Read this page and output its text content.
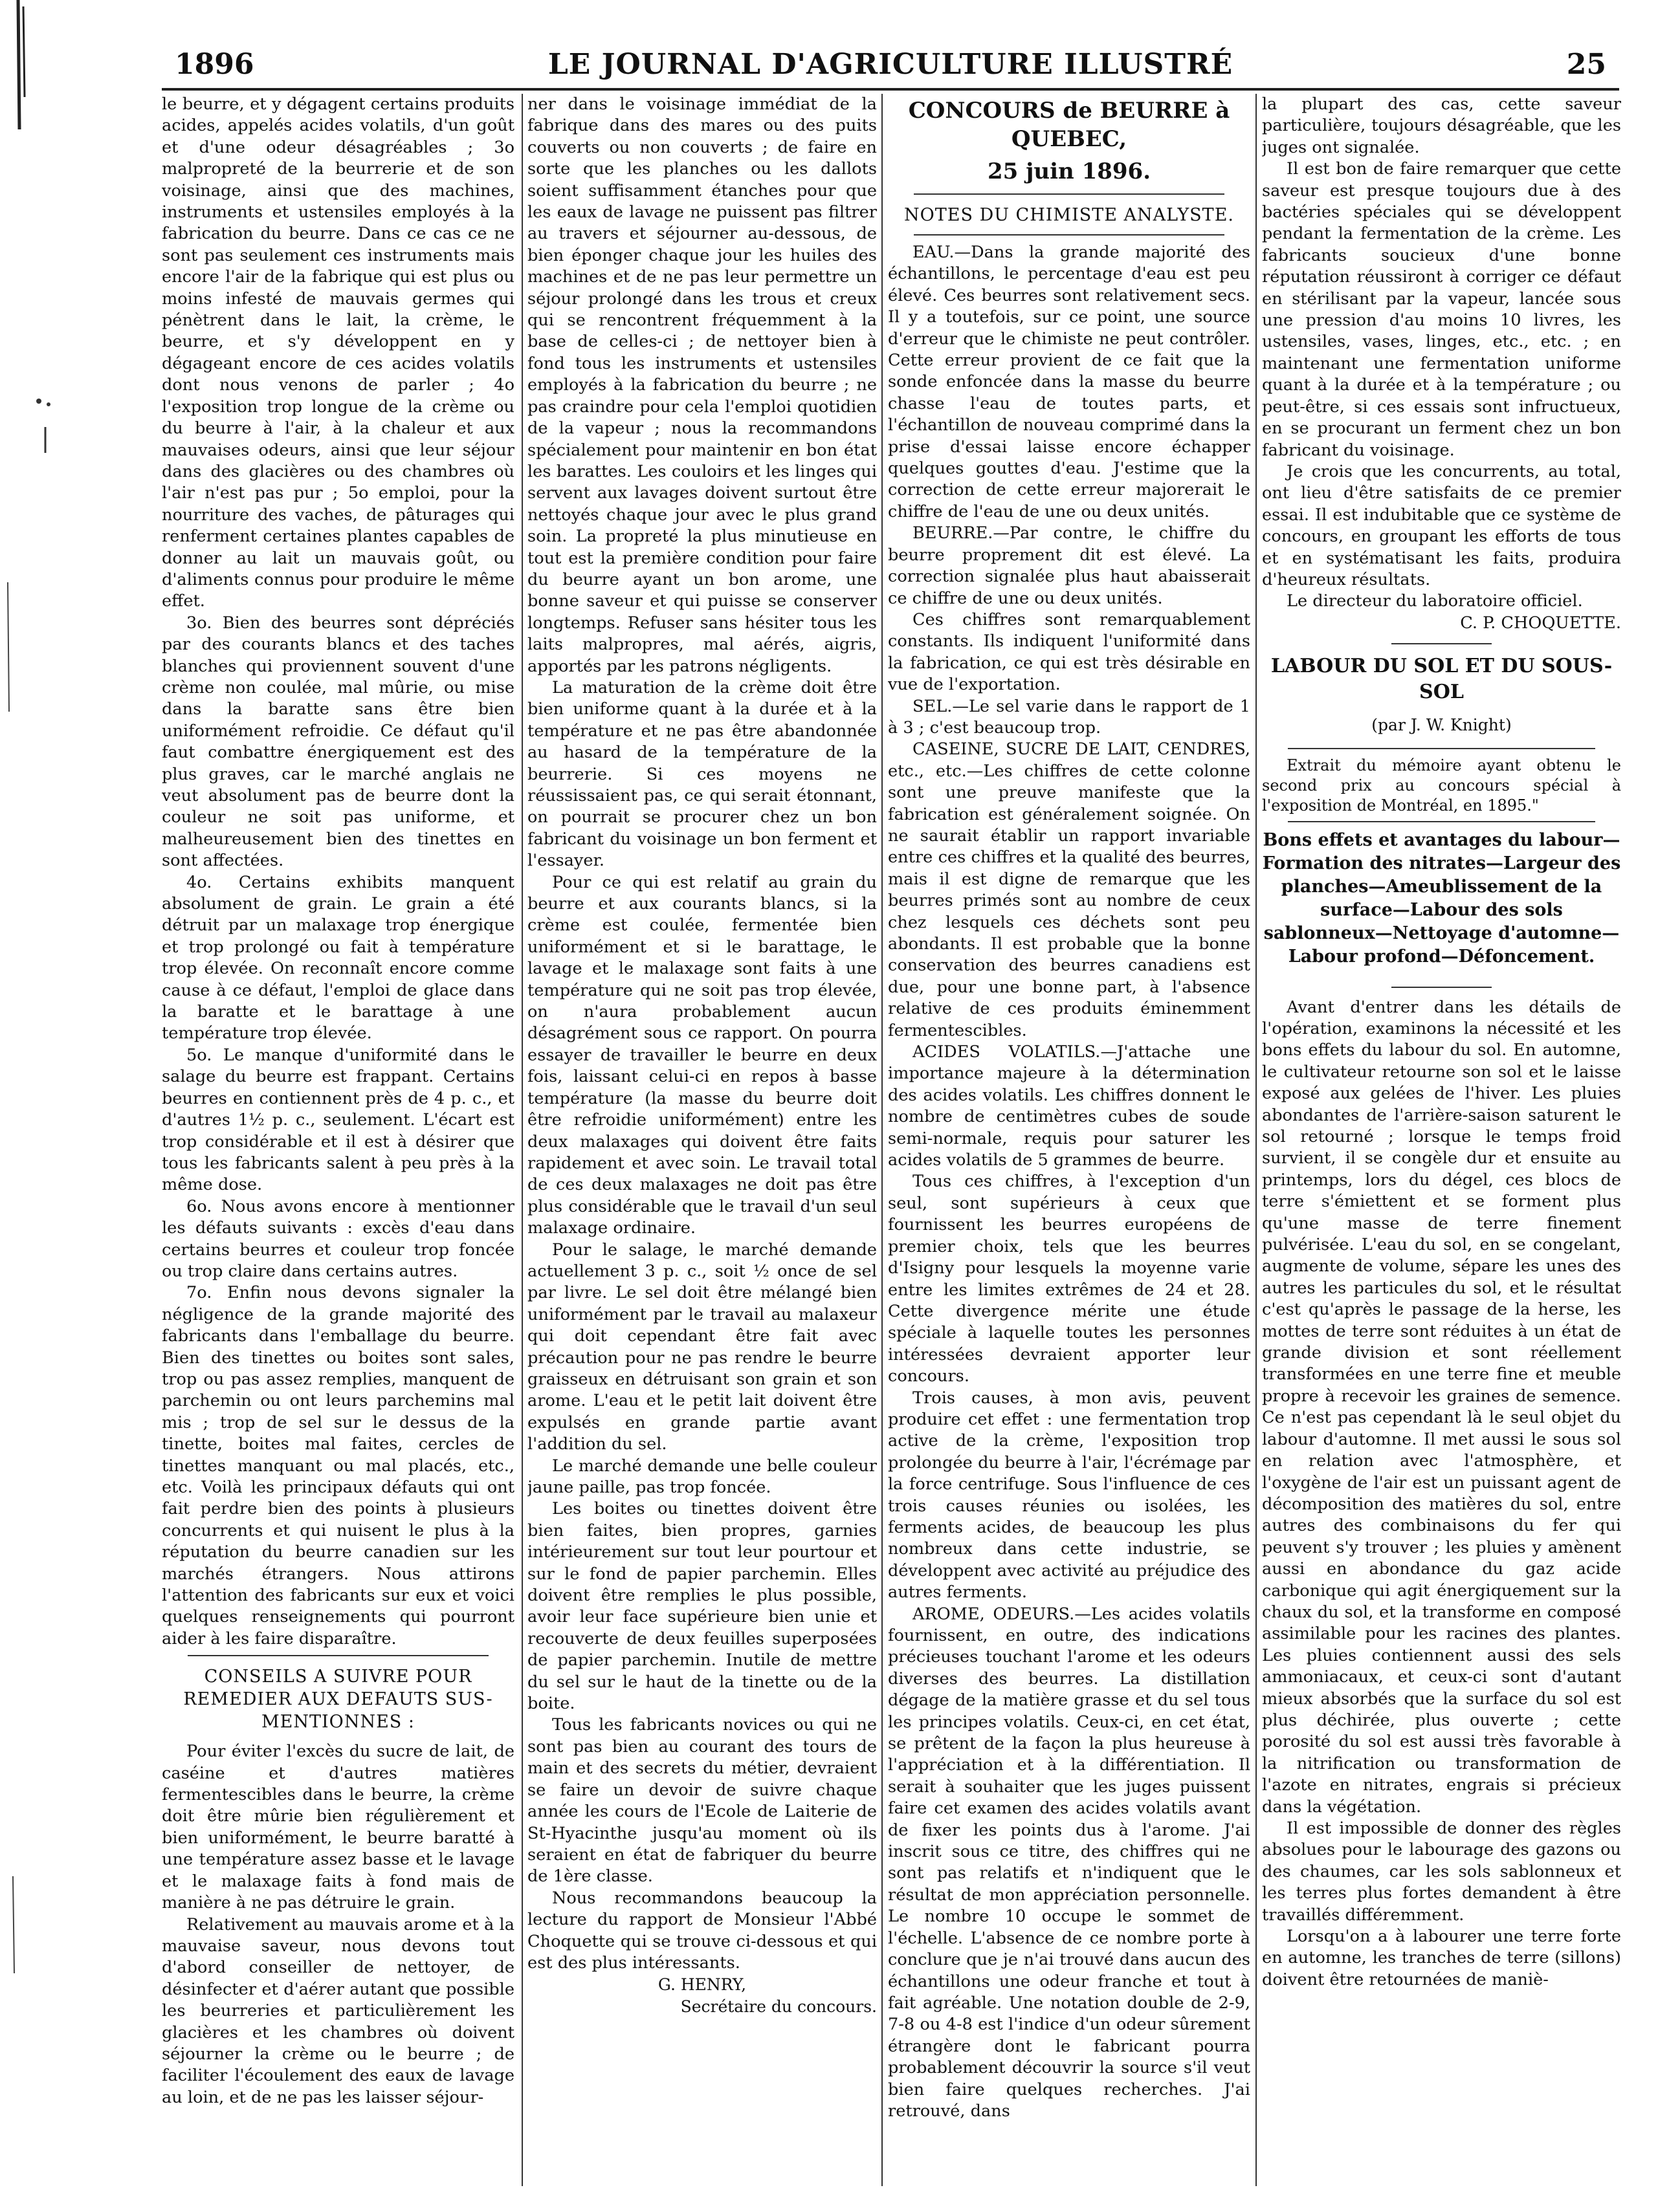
1896	LE JOURNAL D'AGRICULTURE ILLUSTRÉ	25

le beurre, et y dégagent certains produits acides, appelés acides volatils, d'un goût et d'une odeur désagréables ; 3o malpropreté de la beurrerie et de son voisinage, ainsi que des machines, instruments et ustensiles employés à la fabrication du beurre. Dans ce cas ce ne sont pas seulement ces instruments mais encore l'air de la fabrique qui est plus ou moins infesté de mauvais germes qui pénètrent dans le lait, la crème, le beurre, et s'y développent en y dégageant encore de ces acides volatils dont nous venons de parler ; 4o l'exposition trop longue de la crème ou du beurre à l'air, à la chaleur et aux mauvaises odeurs, ainsi que leur séjour dans des glacières ou des chambres où l'air n'est pas pur ; 5o emploi, pour la nourriture des vaches, de pâturages qui renferment certaines plantes capables de donner au lait un mauvais goût, ou d'aliments connus pour produire le même effet.

3o. Bien des beurres sont dépréciés par des courants blancs et des taches blanches qui proviennent souvent d'une crème non coulée, mal mûrie, ou mise dans la baratte sans être bien uniformément refroidie. Ce défaut qu'il faut combattre énergiquement est des plus graves, car le marché anglais ne veut absolument pas de beurre dont la couleur ne soit pas uniforme, et malheureusement bien des tinettes en sont affectées.

4o. Certains exhibits manquent absolument de grain. Le grain a été détruit par un malaxage trop énergique et trop prolongé ou fait à température trop élevée. On reconnaît encore comme cause à ce défaut, l'emploi de glace dans la baratte et le barattage à une température trop élevée.

5o. Le manque d'uniformité dans le salage du beurre est frappant. Certains beurres en contiennent près de 4 p. c., et d'autres 1½ p. c., seulement. L'écart est trop considérable et il est à désirer que tous les fabricants salent à peu près à la même dose.

6o. Nous avons encore à mentionner les défauts suivants : excès d'eau dans certains beurres et couleur trop foncée ou trop claire dans certains autres.

7o. Enfin nous devons signaler la négligence de la grande majorité des fabricants dans l'emballage du beurre. Bien des tinettes ou boites sont sales, trop ou pas assez remplies, manquent de parchemin ou ont leurs parchemins mal mis ; trop de sel sur le dessus de la tinette, boites mal faites, cercles de tinettes manquant ou mal placés, etc., etc. Voilà les principaux défauts qui ont fait perdre bien des points à plusieurs concurrents et qui nuisent le plus à la réputation du beurre canadien sur les marchés étrangers. Nous attirons l'attention des fabricants sur eux et voici quelques renseignements qui pourront aider à les faire disparaître.

CONSEILS A SUIVRE POUR REMEDIER AUX DEFAUTS SUS-MENTIONNES :

Pour éviter l'excès du sucre de lait, de caséine et d'autres matières fermentescibles dans le beurre, la crème doit être mûrie bien régulièrement et bien uniformément, le beurre baratté à une température assez basse et le lavage et le malaxage faits à fond mais de manière à ne pas détruire le grain.

Relativement au mauvais arome et à la mauvaise saveur, nous devons tout d'abord conseiller de nettoyer, de désinfecter et d'aérer autant que possible les beurreries et particulièrement les glacières et les chambres où doivent séjourner la crème ou le beurre ; de faciliter l'écoulement des eaux de lavage au loin, et de ne pas les laisser séjour-

ner dans le voisinage immédiat de la fabrique dans des mares ou des puits couverts ou non couverts ; de faire en sorte que les planches ou les dallots soient suffisamment étanches pour que les eaux de lavage ne puissent pas filtrer au travers et séjourner au-dessous, de bien éponger chaque jour les huiles des machines et de ne pas leur permettre un séjour prolongé dans les trous et creux qui se rencontrent fréquemment à la base de celles-ci ; de nettoyer bien à fond tous les instruments et ustensiles employés à la fabrication du beurre ; ne pas craindre pour cela l'emploi quotidien de la vapeur ; nous la recommandons spécialement pour maintenir en bon état les barattes. Les couloirs et les linges qui servent aux lavages doivent surtout être nettoyés chaque jour avec le plus grand soin. La propreté la plus minutieuse en tout est la première condition pour faire du beurre ayant un bon arome, une bonne saveur et qui puisse se conserver longtemps. Refuser sans hésiter tous les laits malpropres, mal aérés, aigris, apportés par les patrons négligents.

La maturation de la crème doit être bien uniforme quant à la durée et à la température et ne pas être abandonnée au hasard de la température de la beurrerie. Si ces moyens ne réussissaient pas, ce qui serait étonnant, on pourrait se procurer chez un bon fabricant du voisinage un bon ferment et l'essayer.

Pour ce qui est relatif au grain du beurre et aux courants blancs, si la crème est coulée, fermentée bien uniformément et si le barattage, le lavage et le malaxage sont faits à une température qui ne soit pas trop élevée, on n'aura probablement aucun désagrément sous ce rapport. On pourra essayer de travailler le beurre en deux fois, laissant celui-ci en repos à basse température (la masse du beurre doit être refroidie uniformément) entre les deux malaxages qui doivent être faits rapidement et avec soin. Le travail total de ces deux malaxages ne doit pas être plus considérable que le travail d'un seul malaxage ordinaire.

Pour le salage, le marché demande actuellement 3 p. c., soit ½ once de sel par livre. Le sel doit être mélangé bien uniformément par le travail au malaxeur qui doit cependant être fait avec précaution pour ne pas rendre le beurre graisseux en détruisant son grain et son arome. L'eau et le petit lait doivent être expulsés en grande partie avant l'addition du sel.

Le marché demande une belle couleur jaune paille, pas trop foncée.

Les boites ou tinettes doivent être bien faites, bien propres, garnies intérieurement sur tout leur pourtour et sur le fond de papier parchemin. Elles doivent être remplies le plus possible, avoir leur face supérieure bien unie et recouverte de deux feuilles superposées de papier parchemin. Inutile de mettre du sel sur le haut de la tinette ou de la boite.

Tous les fabricants novices ou qui ne sont pas bien au courant des tours de main et des secrets du métier, devraient se faire un devoir de suivre chaque année les cours de l'Ecole de Laiterie de St-Hyacinthe jusqu'au moment où ils seraient en état de fabriquer du beurre de 1ère classe.

Nous recommandons beaucoup la lecture du rapport de Monsieur l'Abbé Choquette qui se trouve ci-dessous et qui est des plus intéressants.

G. HENRY,

Secrétaire du concours.

CONCOURS de BEURRE à QUEBEC,
25 juin 1896.
NOTES DU CHIMISTE ANALYSTE.

EAU.—Dans la grande majorité des échantillons, le percentage d'eau est peu élevé. Ces beurres sont relativement secs. Il y a toutefois, sur ce point, une source d'erreur que le chimiste ne peut contrôler. Cette erreur provient de ce fait que la sonde enfoncée dans la masse du beurre chasse l'eau de toutes parts, et l'échantillon de nouveau comprimé dans la prise d'essai laisse encore échapper quelques gouttes d'eau. J'estime que la correction de cette erreur majorerait le chiffre de l'eau de une ou deux unités.

BEURRE.—Par contre, le chiffre du beurre proprement dit est élevé. La correction signalée plus haut abaisserait ce chiffre de une ou deux unités.

Ces chiffres sont remarquablement constants. Ils indiquent l'uniformité dans la fabrication, ce qui est très désirable en vue de l'exportation.

SEL.—Le sel varie dans le rapport de 1 à 3 ; c'est beaucoup trop.

CASEINE, SUCRE DE LAIT, CENDRES, etc., etc.—Les chiffres de cette colonne sont une preuve manifeste que la fabrication est généralement soignée. On ne saurait établir un rapport invariable entre ces chiffres et la qualité des beurres, mais il est digne de remarque que les beurres primés sont au nombre de ceux chez lesquels ces déchets sont peu abondants. Il est probable que la bonne conservation des beurres canadiens est due, pour une bonne part, à l'absence relative de ces produits éminemment fermentescibles.

ACIDES VOLATILS.—J'attache une importance majeure à la détermination des acides volatils. Les chiffres donnent le nombre de centimètres cubes de soude semi-normale, requis pour saturer les acides volatils de 5 grammes de beurre.

Tous ces chiffres, à l'exception d'un seul, sont supérieurs à ceux que fournissent les beurres européens de premier choix, tels que les beurres d'Isigny pour lesquels la moyenne varie entre les limites extrêmes de 24 et 28. Cette divergence mérite une étude spéciale à laquelle toutes les personnes intéressées devraient apporter leur concours.

Trois causes, à mon avis, peuvent produire cet effet : une fermentation trop active de la crème, l'exposition trop prolongée du beurre à l'air, l'écrémage par la force centrifuge. Sous l'influence de ces trois causes réunies ou isolées, les ferments acides, de beaucoup les plus nombreux dans cette industrie, se développent avec activité au préjudice des autres ferments.

AROME, ODEURS.—Les acides volatils fournissent, en outre, des indications précieuses touchant l'arome et les odeurs diverses des beurres. La distillation dégage de la matière grasse et du sel tous les principes volatils. Ceux-ci, en cet état, se prêtent de la façon la plus heureuse à l'appréciation et à la différentiation. Il serait à souhaiter que les juges puissent faire cet examen des acides volatils avant de fixer les points dus à l'arome. J'ai inscrit sous ce titre, des chiffres qui ne sont pas relatifs et n'indiquent que le résultat de mon appréciation personnelle. Le nombre 10 occupe le sommet de l'échelle. L'absence de ce nombre porte à conclure que je n'ai trouvé dans aucun des échantillons une odeur franche et tout à fait agréable. Une notation double de 2-9, 7-8 ou 4-8 est l'indice d'un odeur sûrement étrangère dont le fabricant pourra probablement découvrir la source s'il veut bien faire quelques recherches. J'ai retrouvé, dans

la plupart des cas, cette saveur particulière, toujours désagréable, que les juges ont signalée.

Il est bon de faire remarquer que cette saveur est presque toujours due à des bactéries spéciales qui se développent pendant la fermentation de la crème. Les fabricants soucieux d'une bonne réputation réussiront à corriger ce défaut en stérilisant par la vapeur, lancée sous une pression d'au moins 10 livres, les ustensiles, vases, linges, etc., etc. ; en maintenant une fermentation uniforme quant à la durée et à la température ; ou peut-être, si ces essais sont infructueux, en se procurant un ferment chez un bon fabricant du voisinage.

Je crois que les concurrents, au total, ont lieu d'être satisfaits de ce premier essai. Il est indubitable que ce système de concours, en groupant les efforts de tous et en systématisant les faits, produira d'heureux résultats.

Le directeur du laboratoire officiel.

C. P. CHOQUETTE.

LABOUR DU SOL ET DU SOUS-SOL
(par J. W. Knight)

Extrait du mémoire ayant obtenu le second prix au concours spécial à l'exposition de Montréal, en 1895."

Bons effets et avantages du labour—Formation des nitrates—Largeur des planches—Ameublissement de la surface—Labour des sols sablonneux—Nettoyage d'automne—Labour profond—Défoncement.

Avant d'entrer dans les détails de l'opération, examinons la nécessité et les bons effets du labour du sol. En automne, le cultivateur retourne son sol et le laisse exposé aux gelées de l'hiver. Les pluies abondantes de l'arrière-saison saturent le sol retourné ; lorsque le temps froid survient, il se congèle dur et ensuite au printemps, lors du dégel, ces blocs de terre s'émiettent et se forment plus qu'une masse de terre finement pulvérisée. L'eau du sol, en se congelant, augmente de volume, sépare les unes des autres les particules du sol, et le résultat c'est qu'après le passage de la herse, les mottes de terre sont réduites à un état de grande division et sont réellement transformées en une terre fine et meuble propre à recevoir les graines de semence. Ce n'est pas cependant là le seul objet du labour d'automne. Il met aussi le sous sol en relation avec l'atmosphère, et l'oxygène de l'air est un puissant agent de décomposition des matières du sol, entre autres des combinaisons du fer qui peuvent s'y trouver ; les pluies y amènent aussi en abondance du gaz acide carbonique qui agit énergiquement sur la chaux du sol, et la transforme en composé assimilable pour les racines des plantes. Les pluies contiennent aussi des sels ammoniacaux, et ceux-ci sont d'autant mieux absorbés que la surface du sol est plus déchirée, plus ouverte ; cette porosité du sol est aussi très favorable à la nitrification ou transformation de l'azote en nitrates, engrais si précieux dans la végétation.

Il est impossible de donner des règles absolues pour le labourage des gazons ou des chaumes, car les sols sablonneux et les terres plus fortes demandent à être travaillés différemment.

Lorsqu'on a à labourer une terre forte en automne, les tranches de terre (sillons) doivent être retournées de maniè-
